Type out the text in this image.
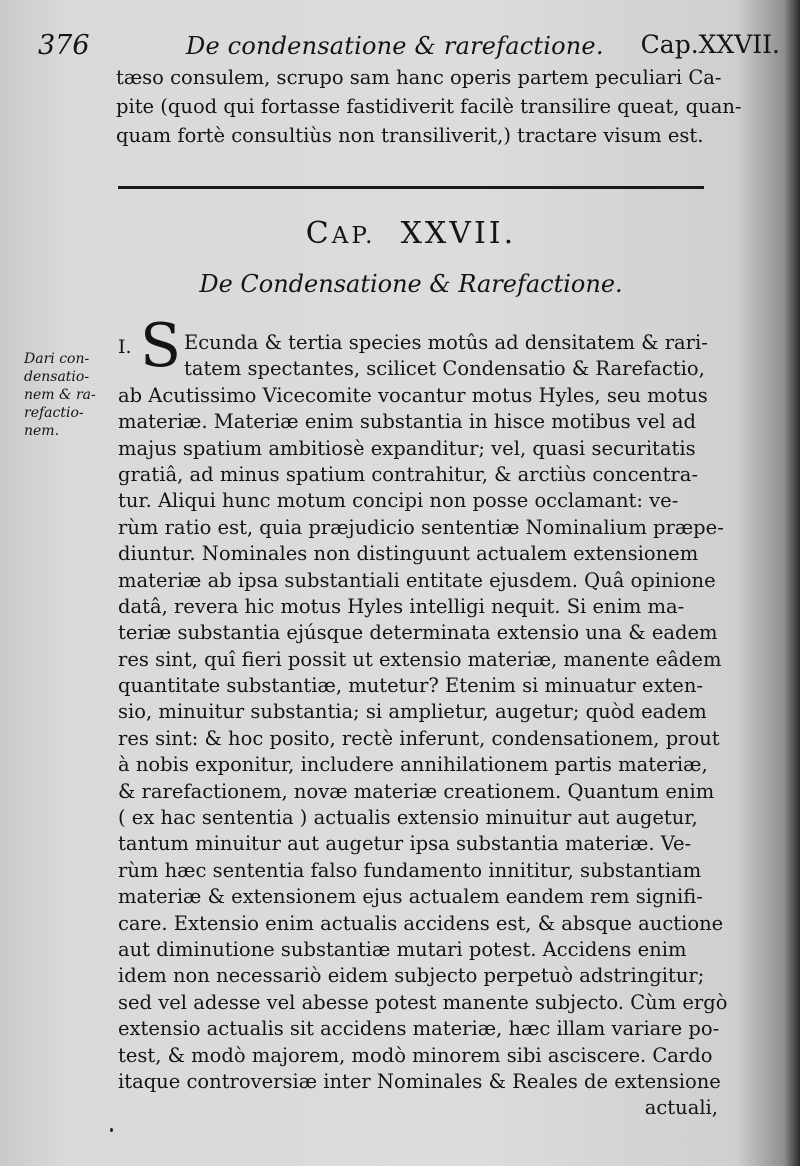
376	De condensatione & rarefactione. Cap.XXVII.
tæso consulem, scrupo sam hanc operis partem peculiari Ca-
pite (quod qui fortasse fastidiverit facilè transilire queat, quan-
quam fortè consultiùs non transiliverit,) tractare visum est.
CAP. XXVII.
De Condensatione & Rarefactione.
Dari con-
densatio-
nem & ra-
refactio-
nem.
I. S Ecunda & tertia species motûs ad densitatem & rari-
tatem spectantes, scilicet Condensatio & Rarefactio,
ab Acutissimo Vicecomite vocantur motus Hyles, seu motus
materiæ. Materiæ enim substantia in hisce motibus vel ad
majus spatium ambitiosè expanditur; vel, quasi securitatis
gratiâ, ad minus spatium contrahitur, & arctiùs concentra-
tur. Aliqui hunc motum concipi non posse occlamant: ve-
rùm ratio est, quia præjudicio sententiæ Nominalium præpe-
diuntur. Nominales non distinguunt actualem extensionem
materiæ ab ipsa substantiali entitate ejusdem. Quâ opinione
datâ, revera hic motus Hyles intelligi nequit. Si enim ma-
teriæ substantia ejúsque determinata extensio una & eadem
res sint, quî fieri possit ut extensio materiæ, manente eâdem
quantitate substantiæ, mutetur? Etenim si minuatur exten-
sio, minuitur substantia; si amplietur, augetur; quòd eadem
res sint: & hoc posito, rectè inferunt, condensationem, prout
à nobis exponitur, includere annihilationem partis materiæ,
& rarefactionem, novæ materiæ creationem. Quantum enim
( ex hac sententia ) actualis extensio minuitur aut augetur,
tantum minuitur aut augetur ipsa substantia materiæ. Ve-
rùm hæc sententia falso fundamento innititur, substantiam
materiæ & extensionem ejus actualem eandem rem signifi-
care. Extensio enim actualis accidens est, & absque auctione
aut diminutione substantiæ mutari potest. Accidens enim
idem non necessariò eidem subjecto perpetuò adstringitur;
sed vel adesse vel abesse potest manente subjecto. Cùm ergò
extensio actualis sit accidens materiæ, hæc illam variare po-
test, & modò majorem, modò minorem sibi asciscere. Cardo
itaque controversiæ inter Nominales & Reales de extensione
actuali,
